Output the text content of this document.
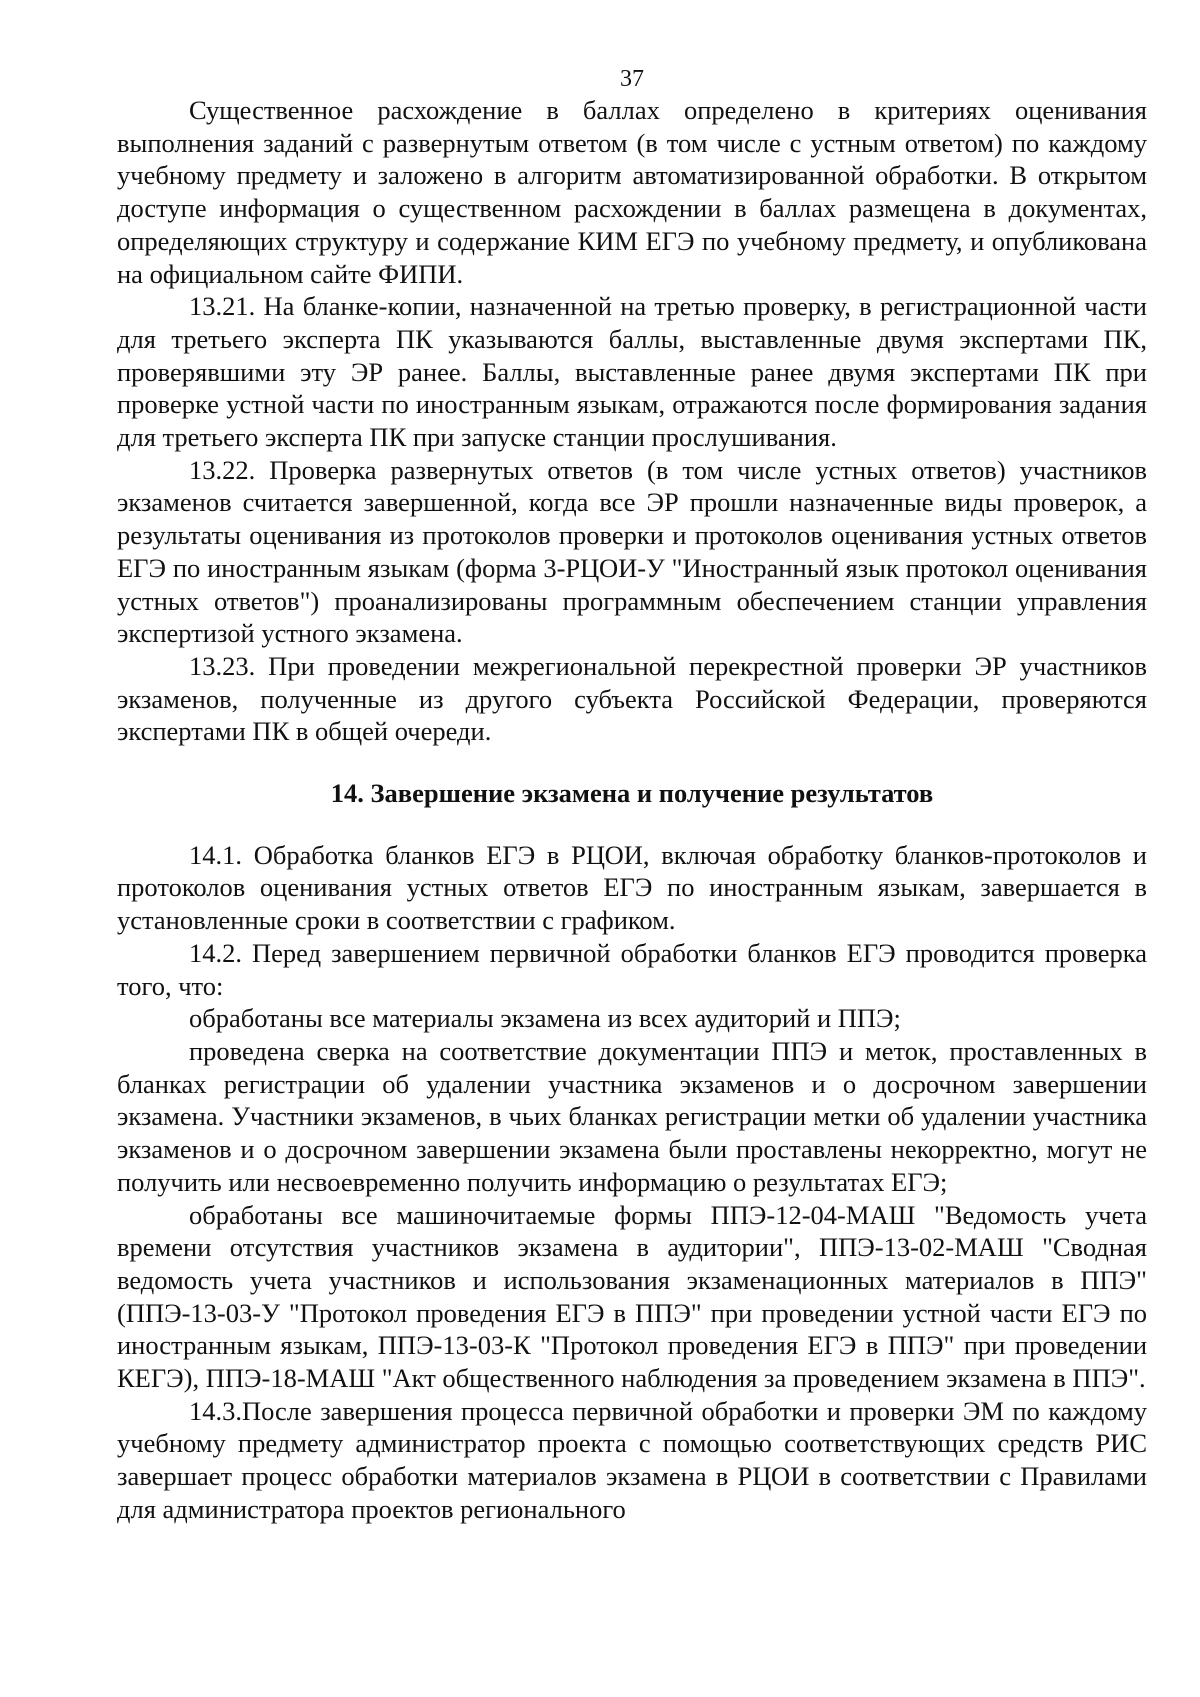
37

Существенное расхождение в баллах определено в критериях оценивания выполнения заданий с развернутым ответом (в том числе с устным ответом) по каждому учебному предмету и заложено в алгоритм автоматизированной обработки. В открытом доступе информация о существенном расхождении в баллах размещена в документах, определяющих структуру и содержание КИМ ЕГЭ по учебному предмету, и опубликована на официальном сайте ФИПИ.

13.21. На бланке-копии, назначенной на третью проверку, в регистрационной части для третьего эксперта ПК указываются баллы, выставленные двумя экспертами ПК, проверявшими эту ЭР ранее. Баллы, выставленные ранее двумя экспертами ПК при проверке устной части по иностранным языкам, отражаются после формирования задания для третьего эксперта ПК при запуске станции прослушивания.

13.22. Проверка развернутых ответов (в том числе устных ответов) участников экзаменов считается завершенной, когда все ЭР прошли назначенные виды проверок, а результаты оценивания из протоколов проверки и протоколов оценивания устных ответов ЕГЭ по иностранным языкам (форма 3-РЦОИ-У "Иностранный язык протокол оценивания устных ответов") проанализированы программным обеспечением станции управления экспертизой устного экзамена.

13.23. При проведении межрегиональной перекрестной проверки ЭР участников экзаменов, полученные из другого субъекта Российской Федерации, проверяются экспертами ПК в общей очереди.

14. Завершение экзамена и получение результатов

14.1. Обработка бланков ЕГЭ в РЦОИ, включая обработку бланков-протоколов и протоколов оценивания устных ответов ЕГЭ по иностранным языкам, завершается в установленные сроки в соответствии с графиком.

14.2. Перед завершением первичной обработки бланков ЕГЭ проводится проверка того, что:

обработаны все материалы экзамена из всех аудиторий и ППЭ;

проведена сверка на соответствие документации ППЭ и меток, проставленных в бланках регистрации об удалении участника экзаменов и о досрочном завершении экзамена. Участники экзаменов, в чьих бланках регистрации метки об удалении участника экзаменов и о досрочном завершении экзамена были проставлены некорректно, могут не получить или несвоевременно получить информацию о результатах ЕГЭ;

обработаны все машиночитаемые формы ППЭ-12-04-МАШ "Ведомость учета времени отсутствия участников экзамена в аудитории", ППЭ-13-02-МАШ "Сводная ведомость учета участников и использования экзаменационных материалов в ППЭ" (ППЭ-13-03-У "Протокол проведения ЕГЭ в ППЭ" при проведении устной части ЕГЭ по иностранным языкам, ППЭ-13-03-К "Протокол проведения ЕГЭ в ППЭ" при проведении КЕГЭ), ППЭ-18-МАШ "Акт общественного наблюдения за проведением экзамена в ППЭ".

14.3.После завершения процесса первичной обработки и проверки ЭМ по каждому учебному предмету администратор проекта с помощью соответствующих средств РИС завершает процесс обработки материалов экзамена в РЦОИ в соответствии с Правилами для администратора проектов регионального
